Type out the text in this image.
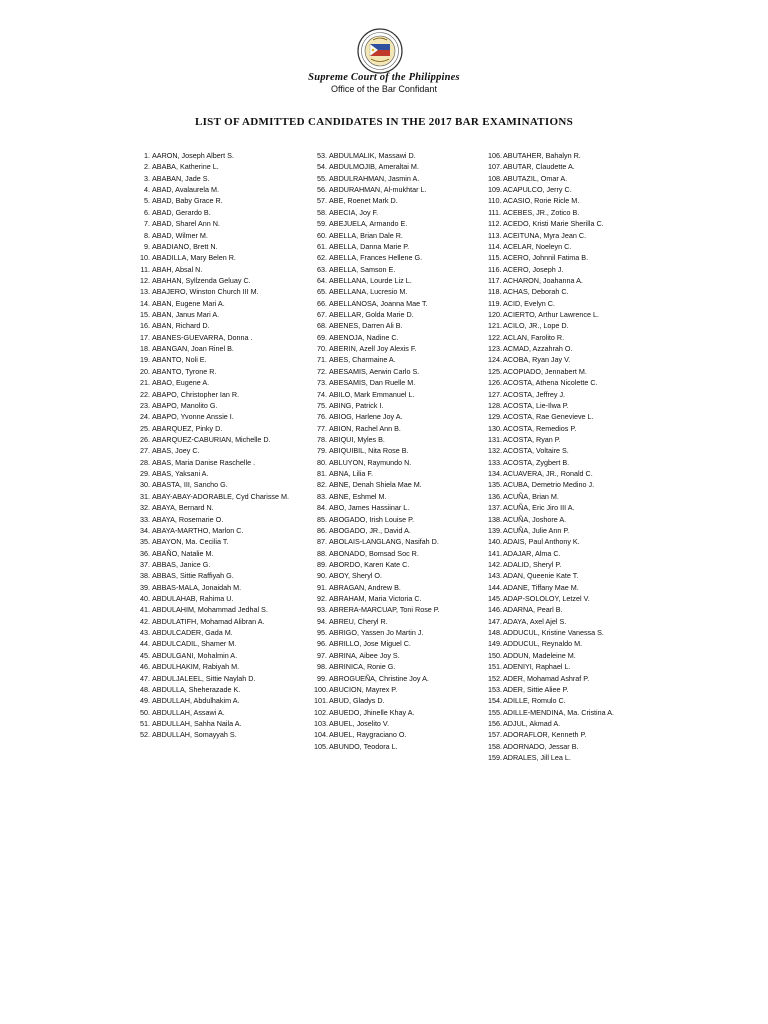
Supreme Court of the Philippines
Office of the Bar Confidant
LIST OF ADMITTED CANDIDATES IN THE 2017 BAR EXAMINATIONS
1. AARON, Joseph Albert S.
2. ABABA, Katherine L.
3. ABABAN, Jade S.
4. ABAD, Avalaurela M.
5. ABAD, Baby Grace R.
6. ABAD, Gerardo B.
7. ABAD, Sharel Ann N.
8. ABAD, Wilmer M.
9. ABADIANO, Brett N.
10. ABADILLA, Mary Belen R.
11. ABAH, Absal N.
12. ABAHAN, Syllzenda Geluay C.
13. ABAJERO, Winston Church III M.
14. ABAN, Eugene Mari A.
15. ABAN, Janus Mari A.
16. ABAN, Richard D.
17. ABANES-GUEVARRA, Donna .
18. ABANGAN, Joan Rinel B.
19. ABANTO, Noli E.
20. ABANTO, Tyrone R.
21. ABAO, Eugene A.
22. ABAPO, Christopher Ian R.
23. ABAPO, Manolito G.
24. ABAPO, Yvonne Anssie I.
25. ABARQUEZ, Pinky D.
26. ABARQUEZ-CABURIAN, Michelle D.
27. ABAS, Joey C.
28. ABAS, Maria Danise Raschelle .
29. ABAS, Yaksani A.
30. ABASTA, III, Sancho G.
31. ABAY-ABAY-ADORABLE, Cyd Charisse M.
32. ABAYA, Bernard N.
33. ABAYA, Rosemarie O.
34. ABAYA-MARTHO, Marlon C.
35. ABAYON, Ma. Cecilia T.
36. ABAÑO, Natalie M.
37. ABBAS, Janice G.
38. ABBAS, Sittie Raffiyah G.
39. ABBAS-MALA, Jonaidah M.
40. ABDULAHAB, Rahima U.
41. ABDULAHIM, Mohammad Jedhal S.
42. ABDULATIFH, Mohamad Alibran A.
43. ABDULCADER, Gada M.
44. ABDULCADIL, Shamer M.
45. ABDULGANI, Mohalmin A.
46. ABDULHAKIM, Rabiyah M.
47. ABDULJALEEL, Sittie Naylah D.
48. ABDULLA, Sheherazade K.
49. ABDULLAH, Abdulhakim A.
50. ABDULLAH, Assawi A.
51. ABDULLAH, Sahha Naila A.
52. ABDULLAH, Somayyah S.
53. ABDULMALIK, Massawi D.
54. ABDULMOJIB, Ameraltai M.
55. ABDULRAHMAN, Jasmin A.
56. ABDURAHMAN, Al-mukhtar L.
57. ABE, Roenet Mark D.
58. ABECIA, Joy F.
59. ABEJUELA, Armando E.
60. ABELLA, Brian Dale R.
61. ABELLA, Danna Marie P.
62. ABELLA, Frances Hellene G.
63. ABELLA, Samson E.
64. ABELLANA, Lourde Liz L.
65. ABELLANA, Lucresio M.
66. ABELLANOSA, Joanna Mae T.
67. ABELLAR, Golda Marie D.
68. ABENES, Darren Ali B.
69. ABENOJA, Nadine C.
70. ABERIN, Azell Joy Alexis F.
71. ABES, Charmaine A.
72. ABESAMIS, Aerwin Carlo S.
73. ABESAMIS, Dan Ruelle M.
74. ABILO, Mark Emmanuel L.
75. ABING, Patrick I.
76. ABIOG, Harlene Joy A.
77. ABION, Rachel Ann B.
78. ABIQUI, Myles B.
79. ABIQUIBIL, Nita Rose B.
80. ABLUYON, Raymundo N.
81. ABNA, Lilia F.
82. ABNE, Denah Shiela Mae M.
83. ABNE, Eshmel M.
84. ABO, James Hassiinar L.
85. ABOGADO, Irish Louise P.
86. ABOGADO, JR., David A.
87. ABOLAIS-LANGLANG, Nasifah D.
88. ABONADO, Bomsad Soc R.
89. ABORDO, Karen Kate C.
90. ABOY, Sheryl O.
91. ABRAGAN, Andrew B.
92. ABRAHAM, Maria Victoria C.
93. ABRERA-MARCUAP, Toni Rose P.
94. ABREU, Cheryl R.
95. ABRIGO, Yassen Jo Martin J.
96. ABRILLO, Jose Miguel C.
97. ABRINA, Aibee Joy S.
98. ABRINICA, Ronie G.
99. ABROGUEÑA, Christine Joy A.
100. ABUCION, Mayrex P.
101. ABUD, Gladys D.
102. ABUEDO, Jhinelle Khay A.
103. ABUEL, Joselito V.
104. ABUEL, Raygraciano O.
105. ABUNDO, Teodora L.
106. ABUTAHER, Bahalyn R.
107. ABUTAR, Claudette A.
108. ABUTAZIL, Omar A.
109. ACAPULCO, Jerry C.
110. ACASIO, Rorie Ricle M.
111. ACEBES, JR., Zotico B.
112. ACEDO, Kristi Marie Sherilla C.
113. ACEITUNA, Myra Jean C.
114. ACELAR, Noeleyn C.
115. ACERO, Johnnil Fatima B.
116. ACERO, Joseph J.
117. ACHARON, Joahanna A.
118. ACHAS, Deborah C.
119. ACID, Evelyn C.
120. ACIERTO, Arthur Lawrence L.
121. ACILO, JR., Lope D.
122. ACLAN, Farolito R.
123. ACMAD, Azzahrah O.
124. ACOBA, Ryan Jay V.
125. ACOPIADO, Jennabert M.
126. ACOSTA, Athena Nicolette C.
127. ACOSTA, Jeffrey J.
128. ACOSTA, Lie-Ilwa P.
129. ACOSTA, Rae Genevieve L.
130. ACOSTA, Remedios P.
131. ACOSTA, Ryan P.
132. ACOSTA, Voltaire S.
133. ACOSTA, Zygbert B.
134. ACUAVERA, JR., Ronald C.
135. ACUBA, Demetrio Medino J.
136. ACUÑA, Brian M.
137. ACUÑA, Eric Jiro III A.
138. ACUÑA, Joshore A.
139. ACUÑA, Julie Ann P.
140. ADAIS, Paul Anthony K.
141. ADAJAR, Alma C.
142. ADALID, Sheryl P.
143. ADAN, Queenie Kate T.
144. ADANE, Tiffany Mae M.
145. ADAP-SOLOLOY, Letzel V.
146. ADARNA, Pearl B.
147. ADAYA, Axel Ajel S.
148. ADDUCUL, Kristine Vanessa S.
149. ADDUCUL, Reynaldo M.
150. ADDUN, Madeleine M.
151. ADENIYI, Raphael L.
152. ADER, Mohamad Ashraf P.
153. ADER, Sittie Aliee P.
154. ADILLE, Romulo C.
155. ADILLE-MENDINA, Ma. Cristina A.
156. ADJUL, Akmad A.
157. ADORAFLOR, Kenneth P.
158. ADORNADO, Jessar B.
159. ADRALES, Jill Lea L.
